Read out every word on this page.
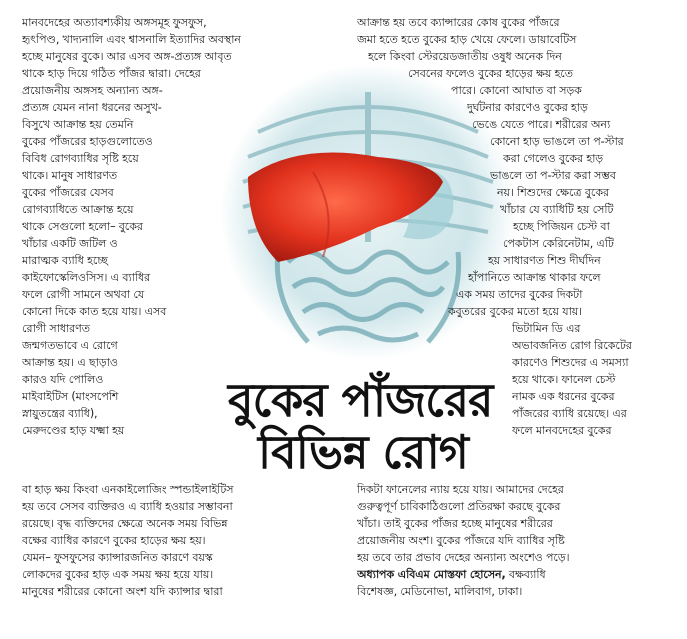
মানবদেহের অত্যাবশ্যকীয় অঙ্গসমূহ ফুসফুস,
হৃৎপিণ্ড, খাদ্যনালি এবং শ্বাসনালি ইত্যাদির অবস্থান
হচ্ছে মানুষের বুকে। আর এসব অঙ্গ-প্রত্যঙ্গ আবৃত
থাকে হাড় দিয়ে গঠিত পাঁজর দ্বারা। দেহের
প্রয়োজনীয় অঙ্গসহ অন্যান্য অঙ্গ-
প্রত্যঙ্গ যেমন নানা ধরনের অসুখ-
বিসুখে আক্রান্ত হয় তেমনি
বুকের পাঁজরের হাড়গুলোতেও
বিবিধ রোগব্যাধির সৃষ্টি হয়ে
থাকে। মানুষ সাধারণত
বুকের পাঁজরের যেসব
রোগব্যাধিতে আক্রান্ত হয়ে
থাকে সেগুলো হলো– বুকের
খাঁচার একটি জটিল ও
মারাত্মক ব্যাধি হচ্ছে
কাইফোস্কেলিওসিস। এ ব্যাধির
ফলে রোগী সামনে অথবা যে
কোনো দিকে কাত হয়ে যায়। এসব
রোগী সাধারণত
জন্মগতভাবে এ রোগে
আক্রান্ত হয়। এ ছাড়াও
কারও যদি পোলিও
মাইবাইটিস (মাংসপেশি
স্নায়ুতন্ত্রের ব্যাধি),
মেরুদণ্ডের হাড় যক্ষ্মা হয়
বা হাড় ক্ষয় কিংবা এনকাইলোজিং স্পন্ডাইলাইটিস
হয় তবে সেসব ব্যক্তিরও এ ব্যাধি হওয়ার সম্ভাবনা
রয়েছে। বৃদ্ধ ব্যক্তিদের ক্ষেত্রে অনেক সময় বিভিন্ন
বক্ষের ব্যাধির কারণে বুকের হাড়ের ক্ষয় হয়।
যেমন– ফুসফুসের ক্যান্সারজনিত কারণে বয়স্ক
লোকদের বুকের হাড় এক সময় ক্ষয় হয়ে যায়।
মানুষের শরীরের কোনো অংশ যদি ক্যান্সার দ্বারা
আক্রান্ত হয় তবে ক্যান্সারের কোষ বুকের পাঁজরে
জমা হতে হতে বুকের হাড় খেয়ে ফেলে। ডায়াবেটিস
হলে কিংবা স্টেরয়েডজাতীয় ওষুধ অনেক দিন
সেবনের ফলেও বুকের হাড়ের ক্ষয় হতে
পারে। কোনো আঘাত বা সড়ক
দুর্ঘটনার কারণেও বুকের হাড়
ভেঙে যেতে পারে। শরীরের অন্য
কোনো হাড় ভাঙলে তা প-স্টার
করা গেলেও বুকের হাড়
ভাঙলে তা প-স্টার করা সম্ভব
নয়। শিশুদের ক্ষেত্রে বুকের
খাঁচার যে ব্যাধিটি হয় সেটি
হচ্ছে পিজিয়ন চেস্ট বা
পেকটাস কেরিনেটাম, এটি
হয় সাধারণত শিশু দীর্ঘদিন
হাঁপানিতে আক্রান্ত থাকার ফলে
এক সময় তাদের বুকের দিকটা
কবুতরের বুকের মতো হয়ে যায়।
ভিটামিন ডি এর
অভাবজনিত রোগ রিকেটের
কারণেও শিশুদের এ সমস্যা
হয়ে থাকে। ফানেল চেস্ট
নামক এক ধরনের বুকের
পাঁজরের ব্যাধি রয়েছে। এর
ফলে মানবদেহের বুকের
দিকটা ফানেলের ন্যায় হয়ে যায়। আমাদের দেহের
গুরুত্বপূর্ণ চাবিকাঠিগুলো প্রতিরক্ষা করছে বুকের
খাঁচা। তাই বুকের পাঁজর হচ্ছে মানুষের শরীরের
প্রয়োজনীয় অংশ। বুকের পাঁজরে যদি ব্যাধির সৃষ্টি
হয় তবে তার প্রভাব দেহের অন্যান্য অংশেও পড়ে।
অধ্যাপক এবিএম মোস্তফা হোসেন, বক্ষব্যাধি
বিশেষজ্ঞ, মেডিনোভা, মালিবাগ, ঢাকা।
বুকের পাঁজরের
বিভিন্ন রোগ
